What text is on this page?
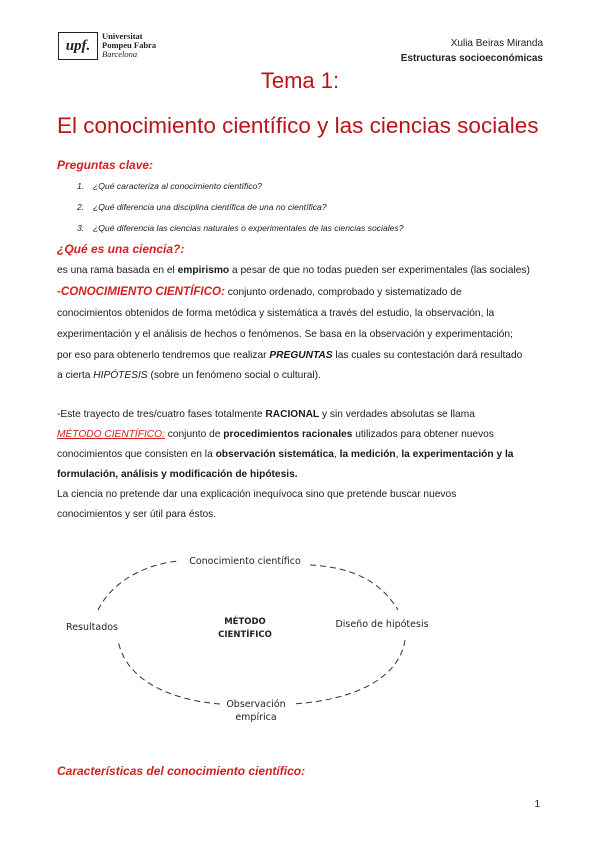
upf.
Universitat
Pompeu Fabra
Barcelona
Xulia Beiras Miranda
Estructuras socioeconómicas
Tema 1:
El conocimiento científico y las ciencias sociales
Preguntas clave:
1. ¿Qué caracteriza al conocimiento científico?
2. ¿Qué diferencia una disciplina científica de una no científica?
3. ¿Qué diferencia las ciencias naturales o experimentales de las ciencias sociales?
¿Qué es una ciencia?:
es una rama basada en el empirismo a pesar de que no todas pueden ser experimentales (las sociales)
-CONOCIMIENTO CIENTÍFICO: conjunto ordenado, comprobado y sistematizado de
conocimientos obtenidos de forma metódica y sistemática a través del estudio, la observación, la
experimentación y el análisis de hechos o fenómenos. Se basa en la observación y experimentación;
por eso para obtenerlo tendremos que realizar PREGUNTAS las cuales su contestación dará resultado
a cierta HIPÓTESIS (sobre un fenómeno social o cultural).
-Este trayecto de tres/cuatro fases totalmente RACIONAL y sin verdades absolutas se llama
MÉTODO CIENTÍFICO: conjunto de procedimientos racionales utilizados para obtener nuevos
conocimientos que consisten en la observación sistemática, la medición, la experimentación y la
formulación, análisis y modificación de hipótesis.
La ciencia no pretende dar una explicación inequívoca sino que pretende buscar nuevos
conocimientos y ser útil para éstos.
Conocimiento científico
Resultados	Diseño de hipótesis
Observación
empírica
MÉTODO
CIENTÍFICO
Características del conocimiento científico:
1
